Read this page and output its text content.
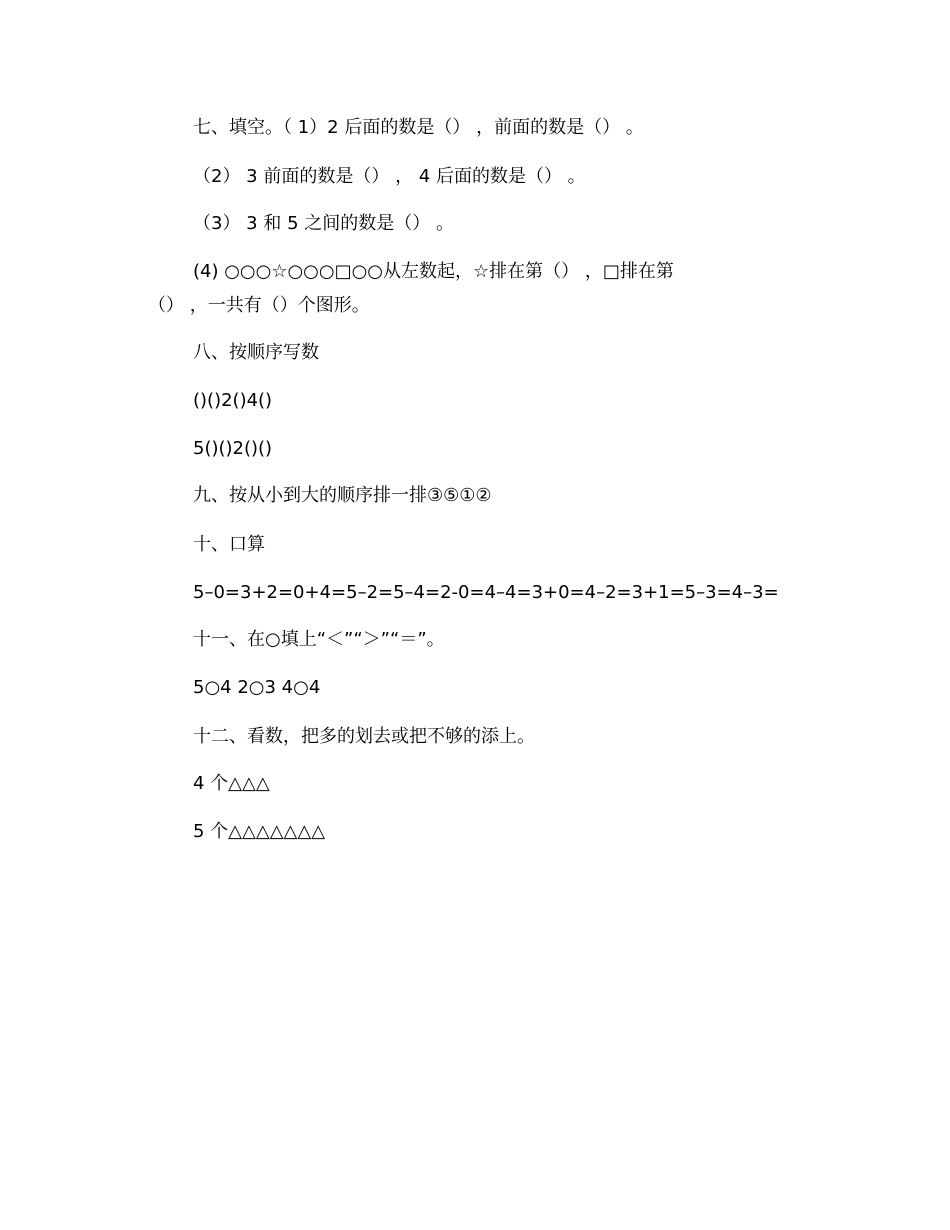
七、填空。（ 1）2 后面的数是（） ，前面的数是（） 。
（2） 3 前面的数是（） ， 4 后面的数是（） 。
（3） 3 和 5 之间的数是（） 。
(4) ○○○☆○○○□○○从左数起，☆排在第（） ，□排在第
（） ，一共有（）个图形。
八、按顺序写数
()()2()4()
5()()2()()
九、按从小到大的顺序排一排③⑤①②
十、口算
5–0=3+2=0+4=5–2=5–4=2-0=4–4=3+0=4–2=3+1=5–3=4–3=
十一、在○填上“＜”“＞”“＝”。
5○4 2○3 4○4
十二、看数，把多的划去或把不够的添上。
4 个△△△
5 个△△△△△△△
